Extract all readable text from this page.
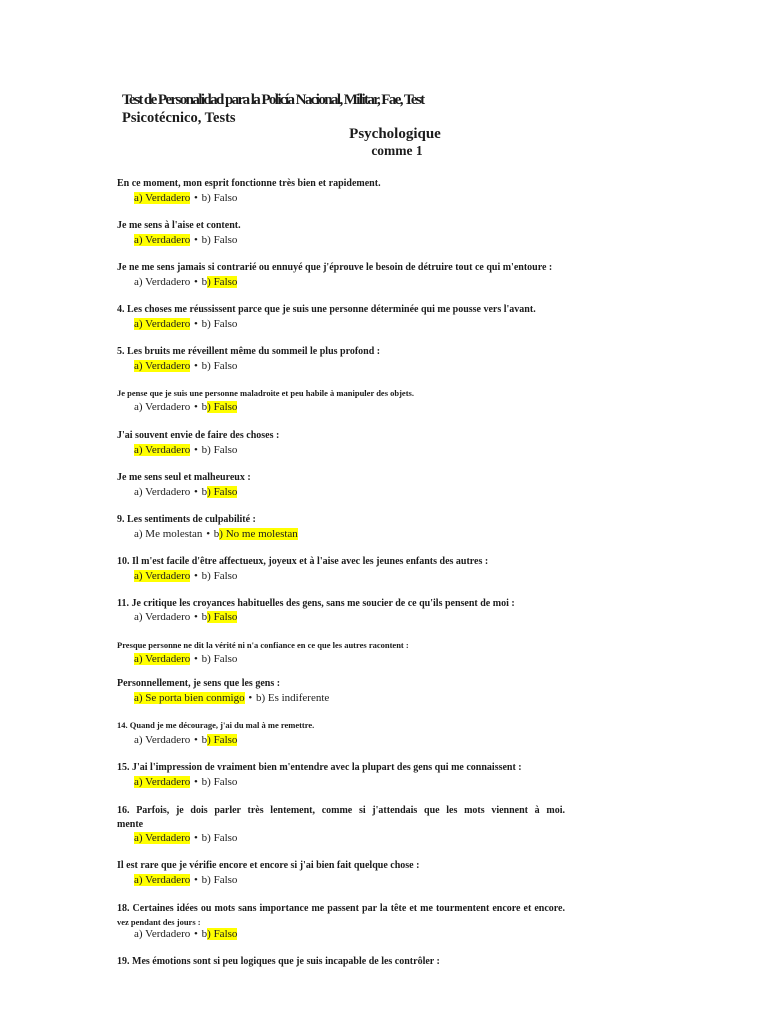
Test de Personalidad para la Policía Nacional, Militar, Fae, Test
Psicotécnico, Tests
Psychologique
comme 1
En ce moment, mon esprit fonctionne très bien et rapidement.
a) Verdadero • b) Falso
Je me sens à l'aise et content.
a) Verdadero • b) Falso
Je ne me sens jamais si contrarié ou ennuyé que j'éprouve le besoin de détruire tout ce qui m'entoure :
a) Verdadero • b) Falso
4. Les choses me réussissent parce que je suis une personne déterminée qui me pousse vers l'avant.
a) Verdadero • b) Falso
5. Les bruits me réveillent même du sommeil le plus profond :
a) Verdadero • b) Falso
Je pense que je suis une personne maladroite et peu habile à manipuler des objets.
a) Verdadero • b) Falso
J'ai souvent envie de faire des choses :
a) Verdadero • b) Falso
Je me sens seul et malheureux :
a) Verdadero • b) Falso
9. Les sentiments de culpabilité :
a) Me molestan • b) No me molestan
10. Il m'est facile d'être affectueux, joyeux et à l'aise avec les jeunes enfants des autres :
a) Verdadero • b) Falso
11. Je critique les croyances habituelles des gens, sans me soucier de ce qu'ils pensent de moi :
a) Verdadero • b) Falso
Presque personne ne dit la vérité ni n'a confiance en ce que les autres racontent :
a) Verdadero • b) Falso
Personnellement, je sens que les gens :
a) Se porta bien conmigo • b) Es indiferente
14. Quand je me décourage, j'ai du mal à me remettre.
a) Verdadero • b) Falso
15. J'ai l'impression de vraiment bien m'entendre avec la plupart des gens qui me connaissent :
a) Verdadero • b) Falso
16. Parfois, je dois parler très lentement, comme si j'attendais que les mots viennent à moi.
mente
a) Verdadero • b) Falso
Il est rare que je vérifie encore et encore si j'ai bien fait quelque chose :
a) Verdadero • b) Falso
18. Certaines idées ou mots sans importance me passent par la tête et me tourmentent encore et encore.
vez pendant des jours :
a) Verdadero • b) Falso
19. Mes émotions sont si peu logiques que je suis incapable de les contrôler :
